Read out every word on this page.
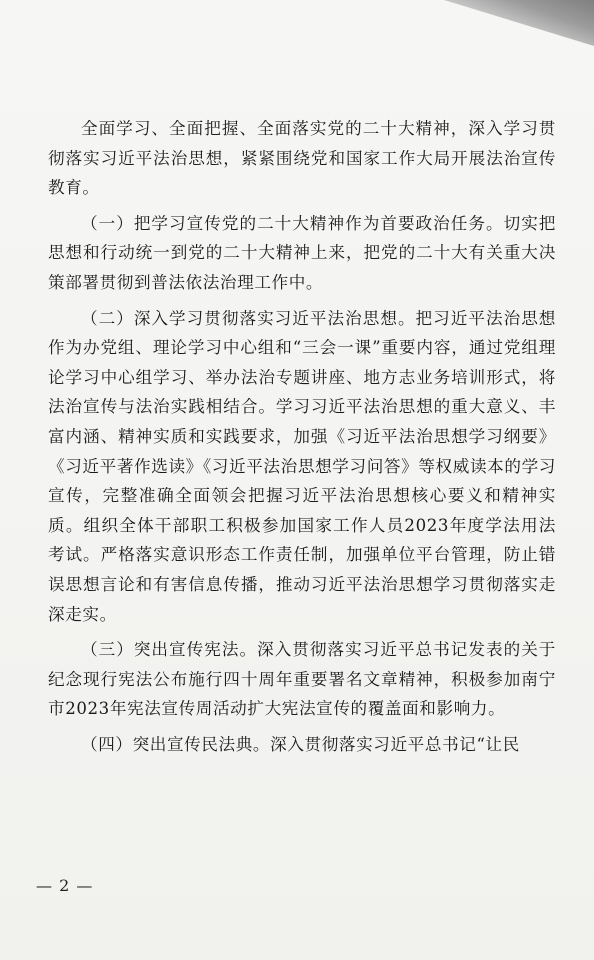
全面学习、全面把握、全面落实党的二十大精神，深入学习贯彻落实习近平法治思想，紧紧围绕党和国家工作大局开展法治宣传教育。

（一）把学习宣传党的二十大精神作为首要政治任务。切实把思想和行动统一到党的二十大精神上来，把党的二十大有关重大决策部署贯彻到普法依法治理工作中。

（二）深入学习贯彻落实习近平法治思想。把习近平法治思想作为办党组、理论学习中心组和“三会一课”重要内容，通过党组理论学习中心组学习、举办法治专题讲座、地方志业务培训形式，将法治宣传与法治实践相结合。学习习近平法治思想的重大意义、丰富内涵、精神实质和实践要求，加强《习近平法治思想学习纲要》《习近平著作选读》《习近平法治思想学习问答》等权威读本的学习宣传，完整准确全面领会把握习近平法治思想核心要义和精神实质。组织全体干部职工积极参加国家工作人员2023年度学法用法考试。严格落实意识形态工作责任制，加强单位平台管理，防止错误思想言论和有害信息传播，推动习近平法治思想学习贯彻落实走深走实。

（三）突出宣传宪法。深入贯彻落实习近平总书记发表的关于纪念现行宪法公布施行四十周年重要署名文章精神，积极参加南宁市2023年宪法宣传周活动扩大宪法宣传的覆盖面和影响力。

（四）突出宣传民法典。深入贯彻落实习近平总书记“让民

— 2 —
